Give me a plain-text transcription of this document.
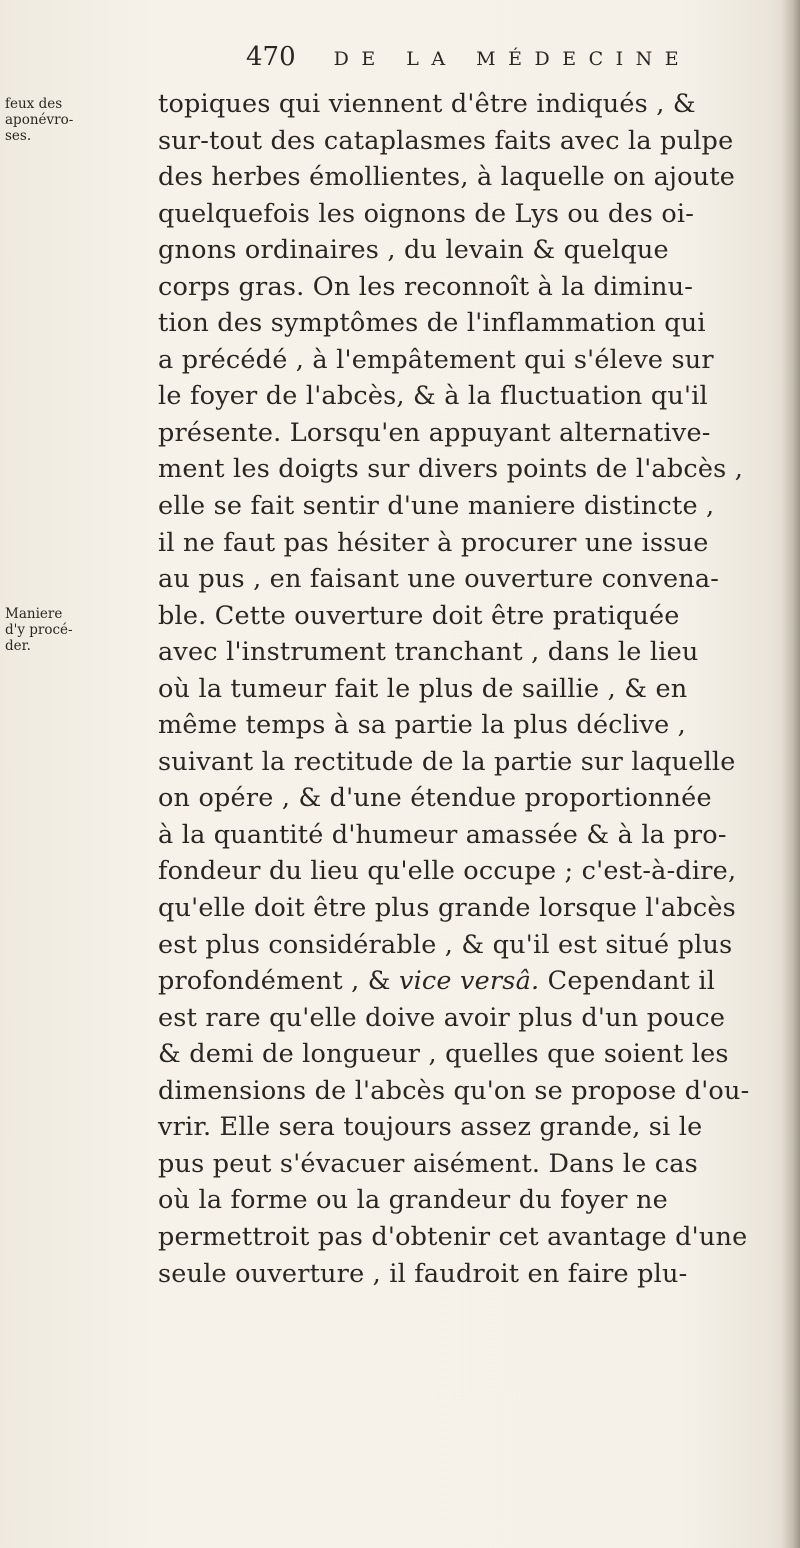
470 DE LA MÉDECINE
feux des
aponévro-
ses.
Maniere
d'y procé-
der.
topiques qui viennent d'être indiqués , &
sur-tout des cataplasmes faits avec la pulpe
des herbes émollientes, à laquelle on ajoute
quelquefois les oignons de Lys ou des oi-
gnons ordinaires , du levain & quelque
corps gras. On les reconnoît à la diminu-
tion des symptômes de l'inflammation qui
a précédé , à l'empâtement qui s'éleve sur
le foyer de l'abcès, & à la fluctuation qu'il
présente. Lorsqu'en appuyant alternative-
ment les doigts sur divers points de l'abcès ,
elle se fait sentir d'une maniere distincte ,
il ne faut pas hésiter à procurer une issue
au pus , en faisant une ouverture convena-
ble. Cette ouverture doit être pratiquée
avec l'instrument tranchant , dans le lieu
où la tumeur fait le plus de saillie , & en
même temps à sa partie la plus déclive ,
suivant la rectitude de la partie sur laquelle
on opére , & d'une étendue proportionnée
à la quantité d'humeur amassée & à la pro-
fondeur du lieu qu'elle occupe ; c'est-à-dire,
qu'elle doit être plus grande lorsque l'abcès
est plus considérable , & qu'il est situé plus
profondément , & vice versâ. Cependant il
est rare qu'elle doive avoir plus d'un pouce
& demi de longueur , quelles que soient les
dimensions de l'abcès qu'on se propose d'ou-
vrir. Elle sera toujours assez grande, si le
pus peut s'évacuer aisément. Dans le cas
où la forme ou la grandeur du foyer ne
permettroit pas d'obtenir cet avantage d'une
seule ouverture , il faudroit en faire plu-
